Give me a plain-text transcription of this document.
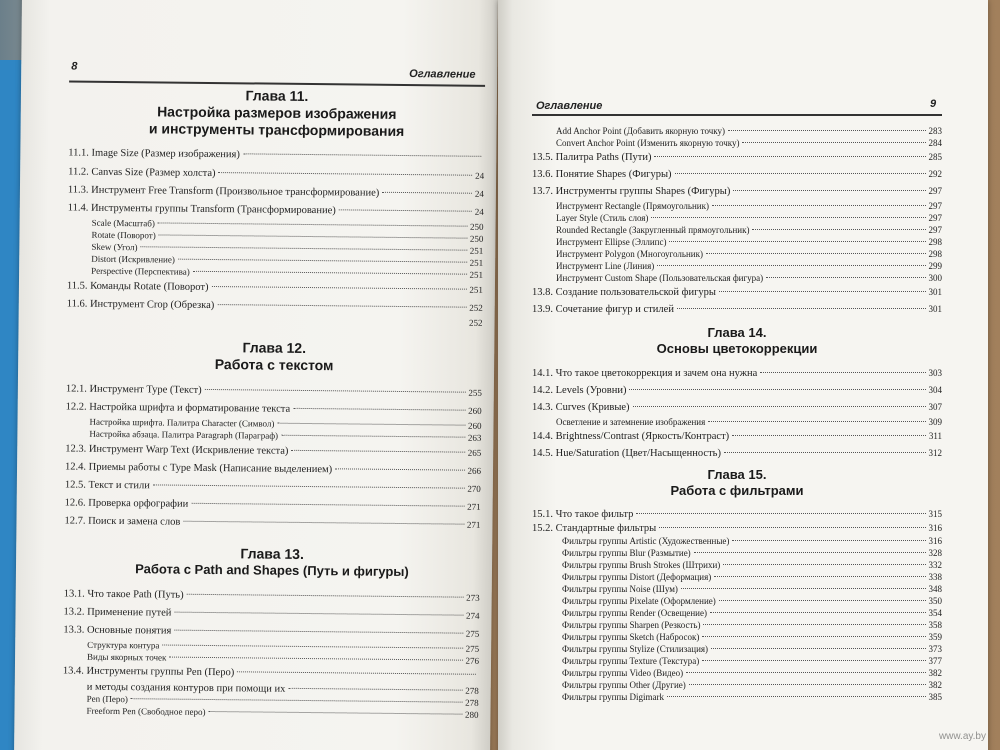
8
Оглавление
Глава 11.
Настройка размеров изображения
и инструменты трансформирования
11.1. Image Size (Размер изображения)
11.2. Canvas Size (Размер холста)	24
11.3. Инструмент Free Transform (Произвольное трансформирование)	24
11.4. Инструменты группы Transform (Трансформирование)	24
Scale (Масштаб)	250
Rotate (Поворот)	250
Skew (Угол)	251
Distort (Искривление)	251
Perspective (Перспектива)	251
11.5. Команды Rotate (Поворот)	251
11.6. Инструмент Crop (Обрезка)	252
252
Глава 12.
Работа с текстом
12.1. Инструмент Type (Текст)	255
12.2. Настройка шрифта и форматирование текста	260
Настройка шрифта. Палитра Character (Символ)	260
Настройка абзаца. Палитра Paragraph (Параграф)	263
12.3. Инструмент Warp Text (Искривление текста)	265
12.4. Приемы работы с Type Mask (Написание выделением)	266
12.5. Текст и стили	270
12.6. Проверка орфографии	271
12.7. Поиск и замена слов	271
Глава 13.
Работа с Path and Shapes (Путь и фигуры)
13.1. Что такое Path (Путь)	273
13.2. Применение путей	274
13.3. Основные понятия	275
Структура контура	275
Виды якорных точек	276
13.4. Инструменты группы Pen (Перо)
и методы создания контуров при помощи их	278
Pen (Перо)	278
Freeform Pen (Свободное перо)	280
Оглавление	9
Add Anchor Point (Добавить якорную точку)	283
Convert Anchor Point (Изменить якорную точку)	284
13.5. Палитра Paths (Пути)	285
13.6. Понятие Shapes (Фигуры)	292
13.7. Инструменты группы Shapes (Фигуры)	297
Инструмент Rectangle (Прямоугольник)	297
Layer Style (Стиль слоя)	297
Rounded Rectangle (Закругленный прямоугольник)	297
Инструмент Ellipse (Эллипс)	298
Инструмент Polygon (Многоугольник)	298
Инструмент Line (Линия)	299
Инструмент Custom Shape (Пользовательская фигура)	300
13.8. Создание пользовательской фигуры	301
13.9. Сочетание фигур и стилей	301
Глава 14.
Основы цветокоррекции
14.1. Что такое цветокоррекция и зачем она нужна	303
14.2. Levels (Уровни)	304
14.3. Curves (Кривые)	307
Осветление и затемнение изображения	309
14.4. Brightness/Contrast (Яркость/Контраст)	311
14.5. Hue/Saturation (Цвет/Насыщенность)	312
Глава 15.
Работа с фильтрами
15.1. Что такое фильтр	315
15.2. Стандартные фильтры	316
Фильтры группы Artistic (Художественные)	316
Фильтры группы Blur (Размытие)	328
Фильтры группы Brush Strokes (Штрихи)	332
Фильтры группы Distort (Деформация)	338
Фильтры группы Noise (Шум)	348
Фильтры группы Pixelate (Оформление)	350
Фильтры группы Render (Освещение)	354
Фильтры группы Sharpen (Резкость)	358
Фильтры группы Sketch (Набросок)	359
Фильтры группы Stylize (Стилизация)	373
Фильтры группы Texture (Текстура)	377
Фильтры группы Video (Видео)	382
Фильтры группы Other (Другие)	382
Фильтры группы Digimark	385
www.ay.by
